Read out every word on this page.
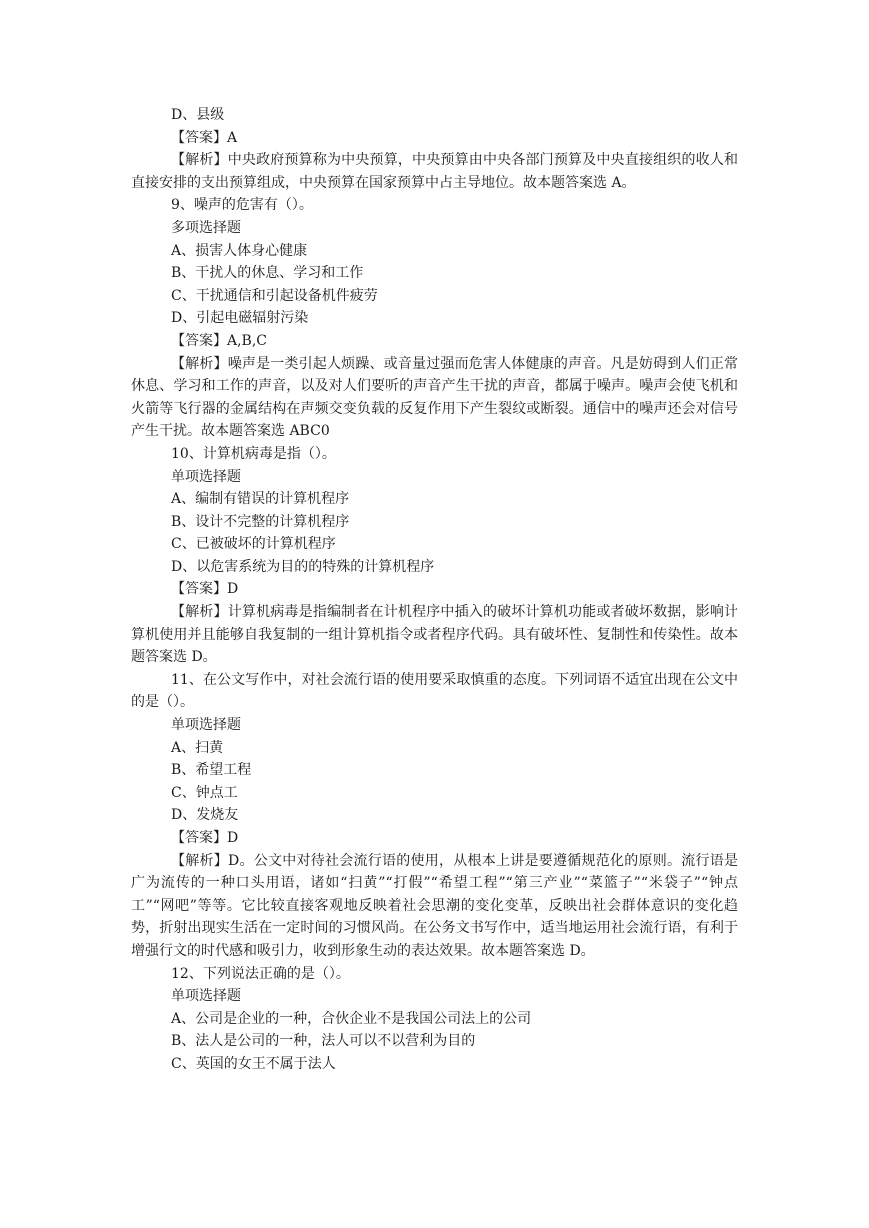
D、县级

【答案】A

【解析】中央政府预算称为中央预算，中央预算由中央各部门预算及中央直接组织的收人和直接安排的支出预算组成，中央预算在国家预算中占主导地位。故本题答案选 A。

9、噪声的危害有（）。

多项选择题

A、损害人体身心健康

B、干扰人的休息、学习和工作

C、干扰通信和引起设备机件疲劳

D、引起电磁辐射污染

【答案】A,B,C

【解析】噪声是一类引起人烦躁、或音量过强而危害人体健康的声音。凡是妨碍到人们正常休息、学习和工作的声音，以及对人们要听的声音产生干扰的声音，都属于噪声。噪声会使飞机和火箭等飞行器的金属结构在声频交变负载的反复作用下产生裂纹或断裂。通信中的噪声还会对信号产生干扰。故本题答案选 ABC0

10、计算机病毒是指（）。

单项选择题

A、编制有错误的计算机程序

B、设计不完整的计算机程序

C、已被破坏的计算机程序

D、以危害系统为目的的特殊的计算机程序

【答案】D

【解析】计算机病毒是指编制者在计机程序中插入的破坏计算机功能或者破坏数据，影响计算机使用并且能够自我复制的一组计算机指令或者程序代码。具有破坏性、复制性和传染性。故本题答案选 D。

11、在公文写作中，对社会流行语的使用要采取慎重的态度。下列词语不适宜出现在公文中的是（）。

单项选择题

A、扫黄

B、希望工程

C、钟点工

D、发烧友

【答案】D

【解析】D。公文中对待社会流行语的使用，从根本上讲是要遵循规范化的原则。流行语是广为流传的一种口头用语，诸如“扫黄”“打假”“希望工程”“第三产业”“菜篮子”“米袋子”“钟点工”“网吧”等等。它比较直接客观地反映着社会思潮的变化变革，反映出社会群体意识的变化趋势，折射出现实生活在一定时间的习惯风尚。在公务文书写作中，适当地运用社会流行语，有利于增强行文的时代感和吸引力，收到形象生动的表达效果。故本题答案选 D。

12、下列说法正确的是（）。

单项选择题

A、公司是企业的一种，合伙企业不是我国公司法上的公司

B、法人是公司的一种，法人可以不以营利为目的

C、英国的女王不属于法人
